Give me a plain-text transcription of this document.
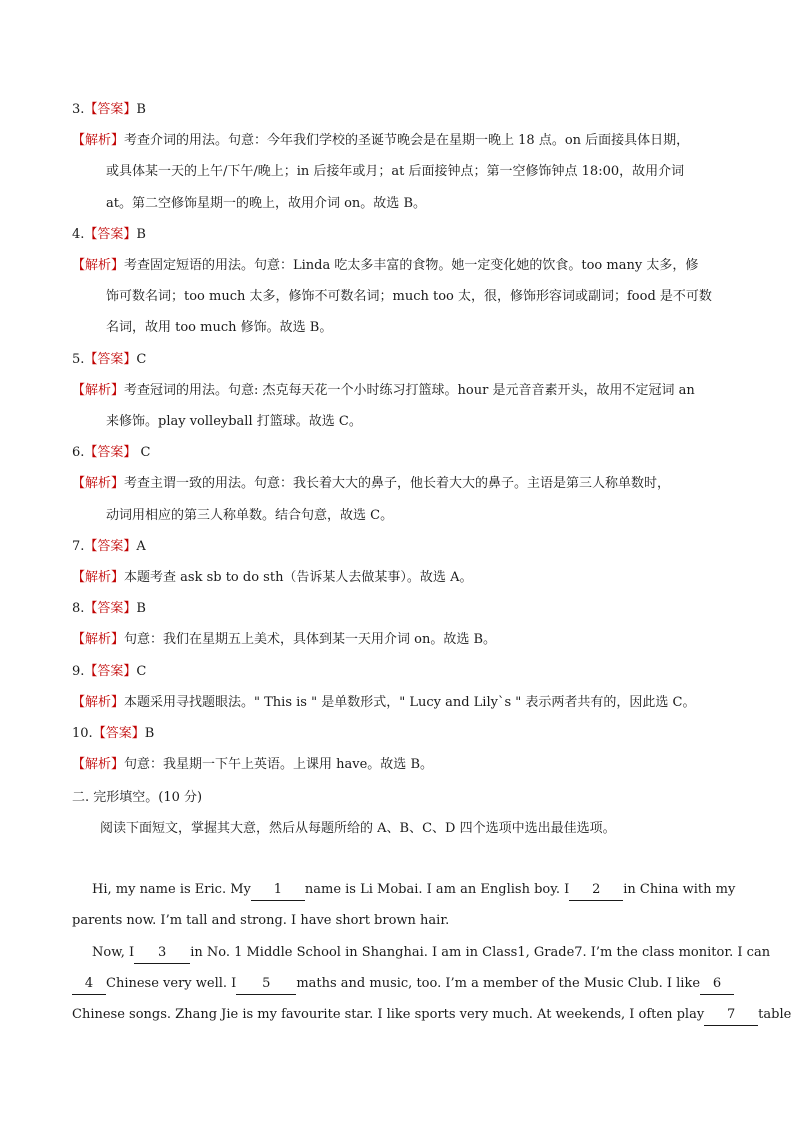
3.【答案】B
【解析】考查介词的用法。句意：今年我们学校的圣诞节晚会是在星期一晚上 18 点。on 后面接具体日期，
或具体某一天的上午/下午/晚上；in 后接年或月；at 后面接钟点；第一空修饰钟点 18:00，故用介词
at。第二空修饰星期一的晚上，故用介词 on。故选 B。
4.【答案】B
【解析】考查固定短语的用法。句意：Linda 吃太多丰富的食物。她一定变化她的饮食。too many 太多，修
饰可数名词；too much 太多，修饰不可数名词；much too 太，很，修饰形容词或副词；food 是不可数
名词，故用 too much 修饰。故选 B。
5.【答案】C
【解析】考查冠词的用法。句意: 杰克每天花一个小时练习打篮球。hour 是元音音素开头，故用不定冠词 an
来修饰。play volleyball 打篮球。故选 C。
6.【答案】 C
【解析】考查主谓一致的用法。句意：我长着大大的鼻子，他长着大大的鼻子。主语是第三人称单数时，
动词用相应的第三人称单数。结合句意，故选 C。
7.【答案】A
【解析】本题考查 ask sb to do sth（告诉某人去做某事）。故选 A。
8.【答案】B
【解析】句意：我们在星期五上美术，具体到某一天用介词 on。故选 B。
9.【答案】C
【解析】本题采用寻找题眼法。" This is " 是单数形式，" Lucy and Lily`s " 表示两者共有的，因此选 C。
10.【答案】B
【解析】句意：我星期一下午上英语。上课用 have。故选 B。
二. 完形填空。(10 分)
阅读下面短文，掌握其大意，然后从每题所给的 A、B、C、D 四个选项中选出最佳选项。
Hi, my name is Eric. My	1	name is Li Mobai. I am an English boy. I	2	in China with my
parents now. I’m tall and strong. I have short brown hair.
Now, I	3	in No. 1 Middle School in Shanghai. I am in Class1, Grade7. I’m the class monitor. I can
4 Chinese very well. I	5	maths and music, too. I’m a member of the Music Club. I like 6
Chinese songs. Zhang Jie is my favourite star. I like sports very much. At weekends, I often play	7	table
